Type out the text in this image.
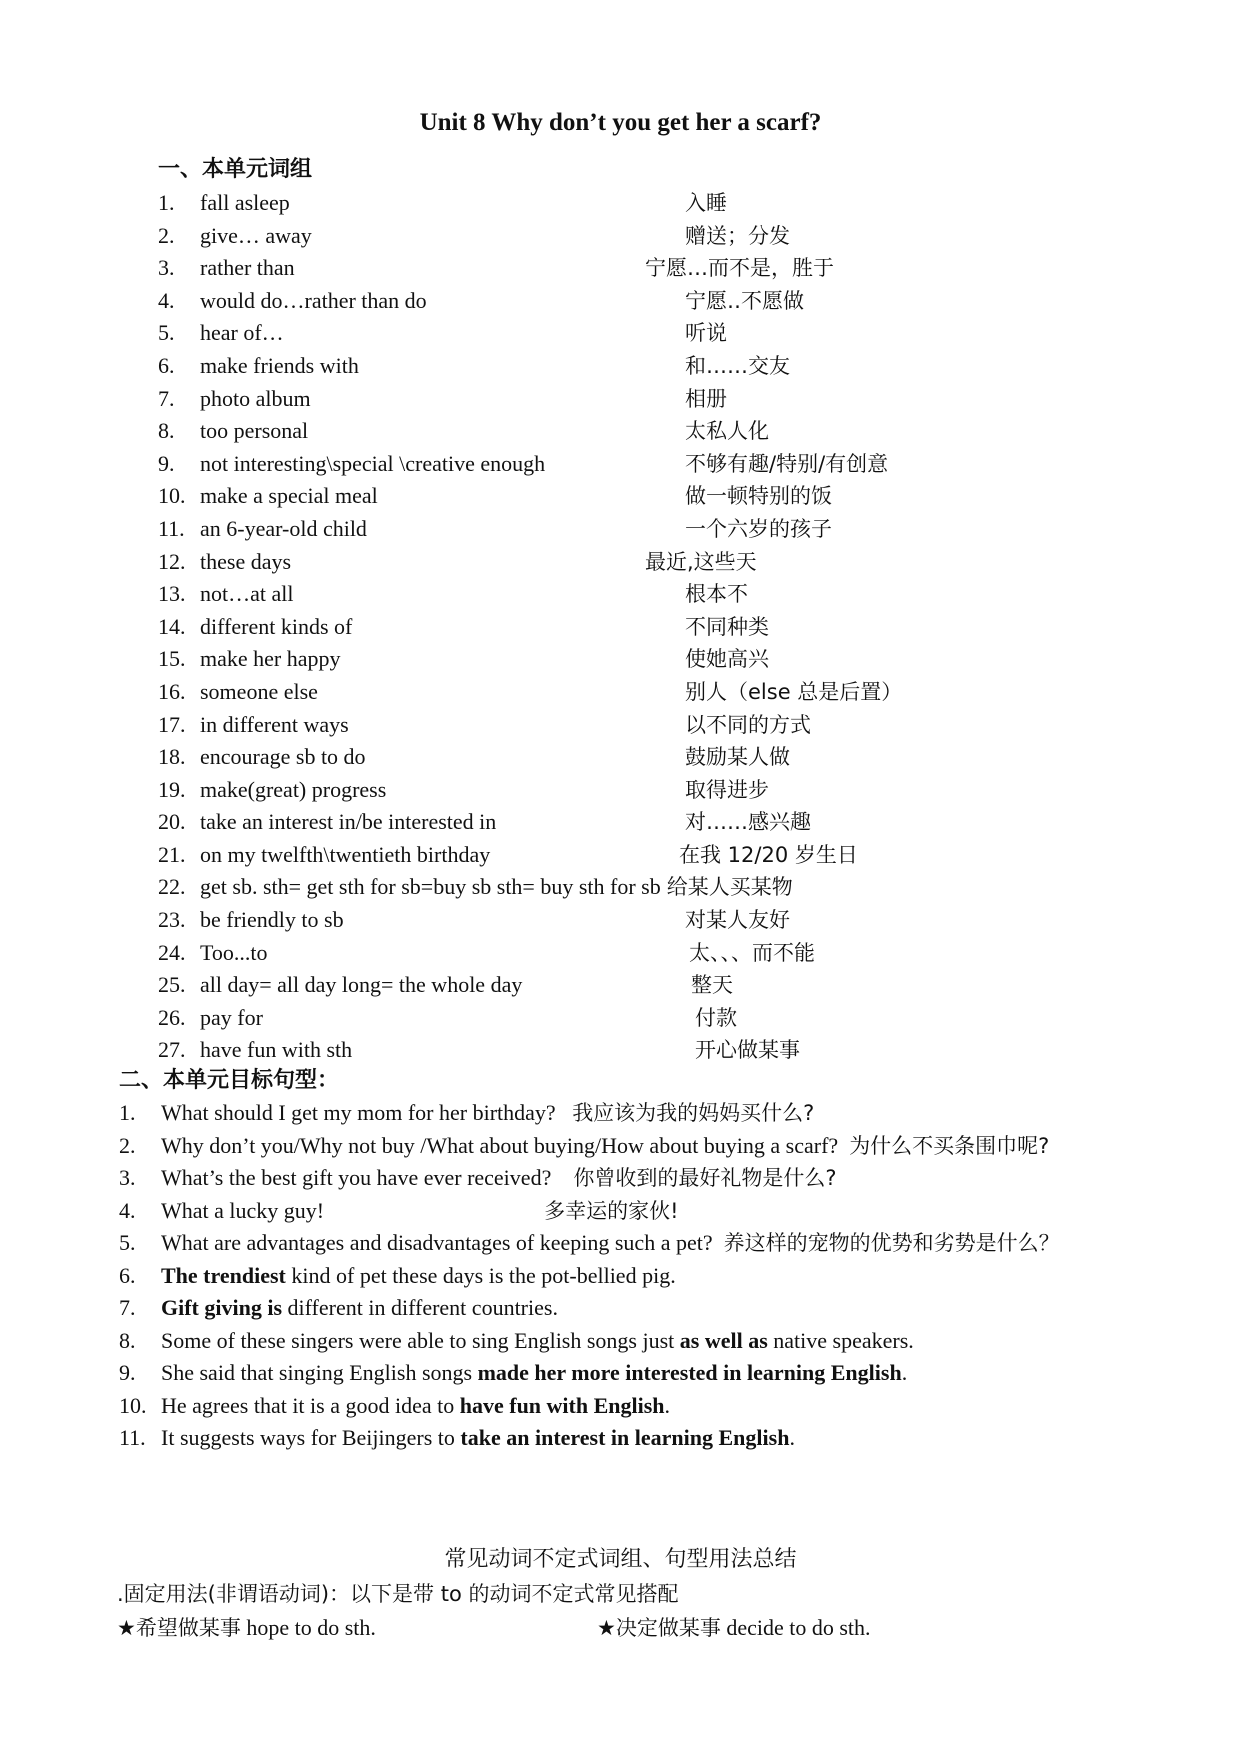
Unit 8 Why don’t you get her a scarf?
一、本单元词组
1. fall asleep	入睡
2. give… away	赠送；分发
3. rather than	宁愿…而不是，胜于
4. would do…rather than do	宁愿‥不愿做
5. hear of…	听说
6. make friends with	和……交友
7. photo album	相册
8. too personal	太私人化
9. not interesting\special \creative enough	不够有趣/特别/有创意
10. make a special meal	做一顿特别的饭
11. an 6-year-old child	一个六岁的孩子
12. these days	最近,这些天
13. not…at all	根本不
14. different kinds of	不同种类
15. make her happy	使她高兴
16. someone else	别人（else 总是后置）
17. in different ways	以不同的方式
18. encourage sb to do	鼓励某人做
19. make(great) progress	取得进步
20. take an interest in/be interested in	对……感兴趣
21. on my twelfth\twentieth birthday	在我 12/20 岁生日
22. get sb. sth= get sth for sb=buy sb sth= buy sth for sb 给某人买某物
23. be friendly to sb	对某人友好
24. Too...to	太、、、而不能
25. all day= all day long= the whole day	整天
26. pay for	付款
27. have fun with sth	开心做某事
二、本单元目标句型：
1. What should I get my mom for her birthday?   我应该为我的妈妈买什么?
2. Why don’t you/Why not buy /What about buying/How about buying a scarf?  为什么不买条围巾呢?
3. What’s the best gift you have ever received?    你曾收到的最好礼物是什么?
4. What a lucky guy!                                        多幸运的家伙!
5. What are advantages and disadvantages of keeping such a pet?  养这样的宠物的优势和劣势是什么？
6. The trendiest kind of pet these days is the pot-bellied pig.
7. Gift giving is different in different countries.
8. Some of these singers were able to sing English songs just as well as native speakers.
9. She said that singing English songs made her more interested in learning English.
10. He agrees that it is a good idea to have fun with English.
11. It suggests ways for Beijingers to take an interest in learning English.
常见动词不定式词组、句型用法总结
.固定用法(非谓语动词)：以下是带 to 的动词不定式常见搭配
★希望做某事 hope to do sth.	★决定做某事 decide to do sth.
